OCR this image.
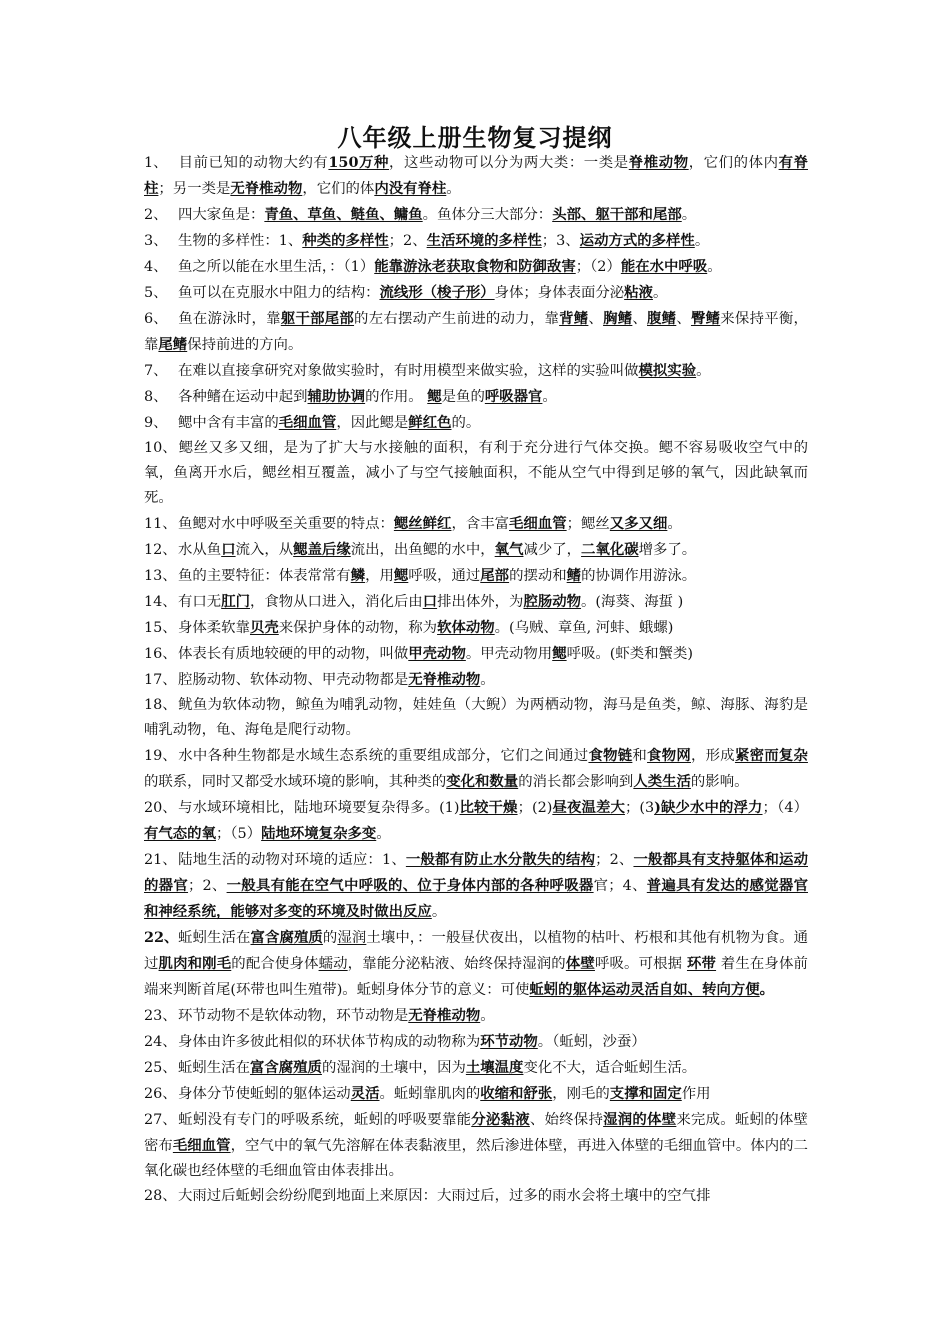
八年级上册生物复习提纲

1、 目前已知的动物大约有150万种，这些动物可以分为两大类：一类是脊椎动物，它们的体内有脊柱；另一类是无脊椎动物，它们的体内没有脊柱。

2、 四大家鱼是：青鱼、草鱼、鲢鱼、鳙鱼。鱼体分三大部分：头部、躯干部和尾部。

3、 生物的多样性：1、种类的多样性；2、生活环境的多样性；3、运动方式的多样性。

4、 鱼之所以能在水里生活，：（1）能靠游泳老获取食物和防御敌害；（2）能在水中呼吸。

5、 鱼可以在克服水中阻力的结构：流线形（梭子形）身体；身体表面分泌粘液。

6、 鱼在游泳时，靠躯干部尾部的左右摆动产生前进的动力，靠背鳍、胸鳍、腹鳍、臀鳍来保持平衡，靠尾鳍保持前进的方向。

7、 在难以直接拿研究对象做实验时，有时用模型来做实验，这样的实验叫做模拟实验。

8、 各种鳍在运动中起到辅助协调的作用。 鳃是鱼的呼吸器官。

9、 鳃中含有丰富的毛细血管，因此鳃是鲜红色的。

10、鳃丝又多又细，是为了扩大与水接触的面积，有利于充分进行气体交换。鳃不容易吸收空气中的氧，鱼离开水后，鳃丝相互覆盖，减小了与空气接触面积，不能从空气中得到足够的氧气，因此缺氧而死。

11、鱼鳃对水中呼吸至关重要的特点：鳃丝鲜红，含丰富毛细血管；鳃丝又多又细。

12、水从鱼口流入，从鳃盖后缘流出，出鱼鳃的水中，氧气减少了，二氧化碳增多了。

13、鱼的主要特征：体表常常有鳞，用鳃呼吸，通过尾部的摆动和鳍的协调作用游泳。

14、有口无肛门，食物从口进入，消化后由口排出体外，为腔肠动物。(海葵、海蜇 )

15、身体柔软靠贝壳来保护身体的动物，称为软体动物。(乌贼、章鱼, 河蚌、蛾螺)

16、体表长有质地较硬的甲的动物，叫做甲壳动物。甲壳动物用鳃呼吸。(虾类和蟹类)

17、腔肠动物、软体动物、甲壳动物都是无脊椎动物。

18、鱿鱼为软体动物，鲸鱼为哺乳动物，娃娃鱼（大鲵）为两栖动物，海马是鱼类，鲸、海豚、海豹是哺乳动物，龟、海龟是爬行动物。

19、水中各种生物都是水域生态系统的重要组成部分，它们之间通过食物链和食物网，形成紧密而复杂的联系，同时又都受水域环境的影响，其种类的变化和数量的消长都会影响到人类生活的影响。

20、与水域环境相比，陆地环境要复杂得多。(1)比较干燥；(2)昼夜温差大；(3)缺少水中的浮力；（4）有气态的氧；（5）陆地环境复杂多变。

21、陆地生活的动物对环境的适应：1、一般都有防止水分散失的结构；2、一般都具有支持躯体和运动的器官；2、一般具有能在空气中呼吸的、位于身体内部的各种呼吸器官；4、普遍具有发达的感觉器官和神经系统，能够对多变的环境及时做出反应。

22、蚯蚓生活在富含腐殖质的湿润土壤中，：一般昼伏夜出，以植物的枯叶、朽根和其他有机物为食。通过肌肉和刚毛的配合使身体蠕动，靠能分泌粘液、始终保持湿润的体壁呼吸。可根据 环带 着生在身体前端来判断首尾(环带也叫生殖带)。蚯蚓身体分节的意义：可使蚯蚓的躯体运动灵活自如、转向方便。

23、环节动物不是软体动物，环节动物是无脊椎动物。

24、身体由许多彼此相似的环状体节构成的动物称为环节动物。（蚯蚓，沙蚕）

25、蚯蚓生活在富含腐殖质的湿润的土壤中，因为土壤温度变化不大，适合蚯蚓生活。

26、身体分节使蚯蚓的躯体运动灵活。蚯蚓靠肌肉的收缩和舒张，刚毛的支撑和固定作用

27、蚯蚓没有专门的呼吸系统，蚯蚓的呼吸要靠能分泌黏液、始终保持湿润的体壁来完成。蚯蚓的体壁密布毛细血管，空气中的氧气先溶解在体表黏液里，然后渗进体壁，再进入体壁的毛细血管中。体内的二氧化碳也经体壁的毛细血管由体表排出。

28、大雨过后蚯蚓会纷纷爬到地面上来原因：大雨过后，过多的雨水会将土壤中的空气排
